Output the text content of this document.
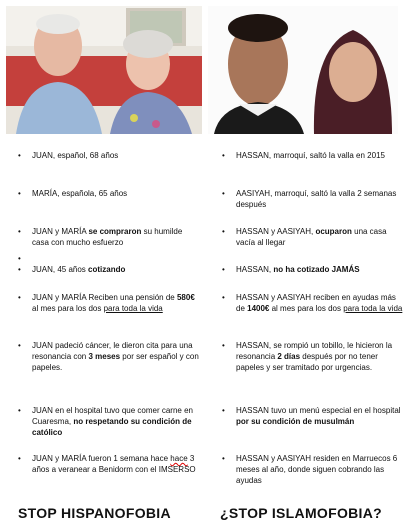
• JUAN, español, 68 años
• MARÍA, española, 65 años
• JUAN y MARÍA se compraron su humilde casa con mucho esfuerzo
•
• JUAN, 45 años cotizando
• JUAN y MARÍA Reciben una pensión de 580€ al mes para los dos para toda la vida
• JUAN padeció cáncer, le dieron cita para una resonancia con 3 meses por ser español y con papeles.
• JUAN en el hospital tuvo que comer carne en Cuaresma, no respetando su condición de católico
• JUAN y MARÍA fueron 1 semana hace hace 3 años a veranear a Benidorm con el IMSERSO
STOP HISPANOFOBIA
• HASSAN, marroquí, saltó la valla en 2015
• AASIYAH, marroquí, saltó la valla 2 semanas después
• HASSAN y AASIYAH, ocuparon una casa vacía al llegar
• HASSAN, no ha cotizado JAMÁS
• HASSAN y AASIYAH reciben en ayudas más de 1400€ al mes para los dos para toda la vida
• HASSAN, se rompió un tobillo, le hicieron la resonancia 2 días después por no tener papeles y ser tramitado por urgencias.
• HASSAN tuvo un menú especial en el hospital por su condición de musulmán
• HASSAN y AASIYAH residen en Marruecos 6 meses al año, donde siguen cobrando las ayudas
¿STOP ISLAMOFOBIA?
